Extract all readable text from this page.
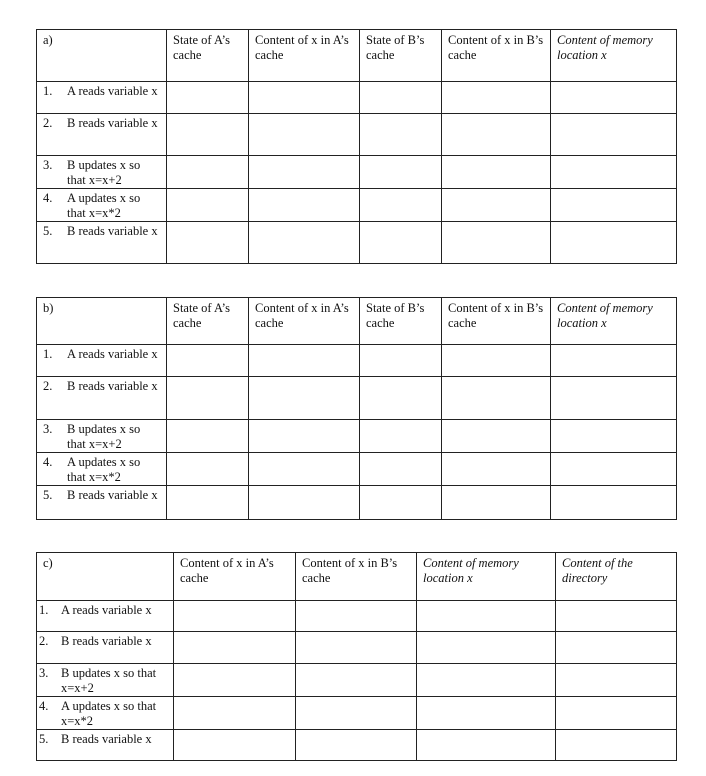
a)	State of A’s cache	Content of x in A’s cache	State of B’s cache	Content of x in B’s cache	Content of memory location x

1. A reads variable x					

2. B reads variable x					

3. B updates x so that x=x+2					

4. A updates x so that x=x*2					

5. B reads variable x					

b)	State of A’s cache	Content of x in A’s cache	State of B’s cache	Content of x in B’s cache	Content of memory location x

1. A reads variable x					

2. B reads variable x					

3. B updates x so that x=x+2					

4. A updates x so that x=x*2					

5. B reads variable x					

c)	Content of x in A’s cache	Content of x in B’s cache	Content of memory location x	Content of the directory

1. A reads variable x				

2. B reads variable x				

3. B updates x so that x=x+2				

4. A updates x so that x=x*2				

5. B reads variable x				
